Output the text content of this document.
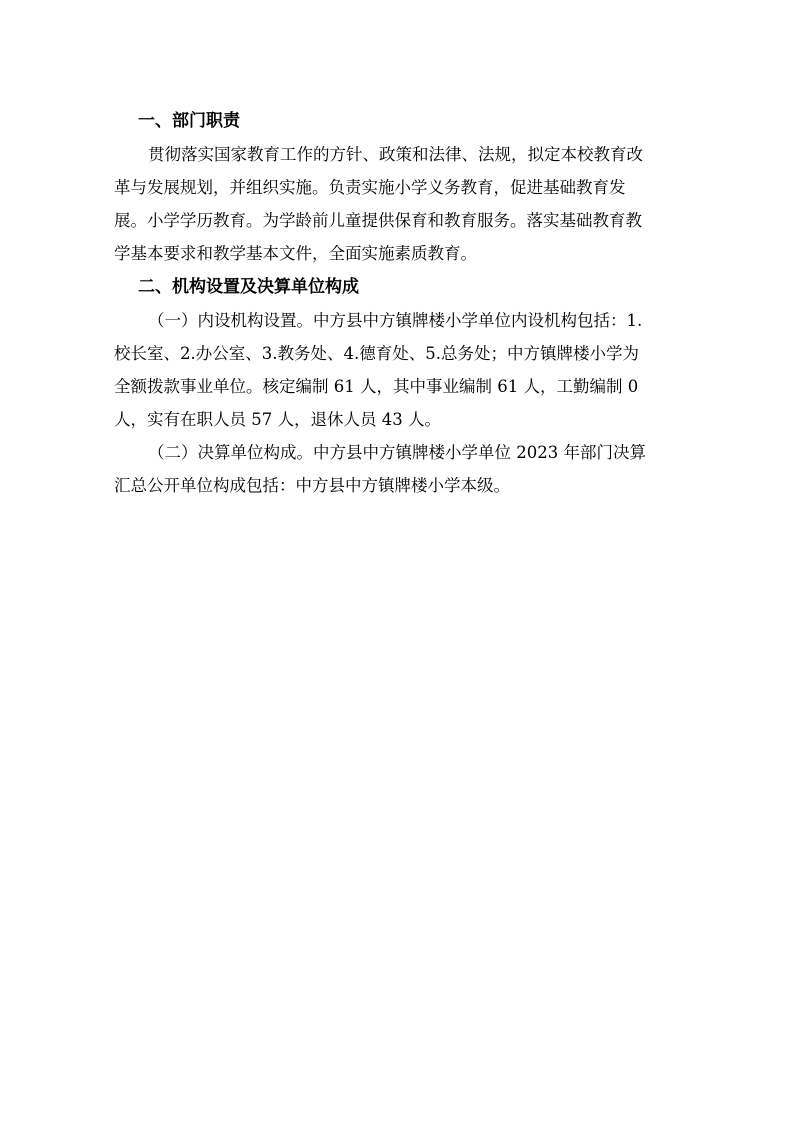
一、部门职责
贯彻落实国家教育工作的方针、政策和法律、法规，拟定本校教育改
革与发展规划，并组织实施。负责实施小学义务教育，促进基础教育发
展。小学学历教育。为学龄前儿童提供保育和教育服务。落实基础教育教
学基本要求和教学基本文件，全面实施素质教育。
二、机构设置及决算单位构成
（一）内设机构设置。中方县中方镇牌楼小学单位内设机构包括：1.
校长室、2.办公室、3.教务处、4.德育处、5.总务处；中方镇牌楼小学为
全额拨款事业单位。核定编制 61 人，其中事业编制 61 人，工勤编制 0
人，实有在职人员 57 人，退休人员 43 人。
（二）决算单位构成。中方县中方镇牌楼小学单位 2023 年部门决算
汇总公开单位构成包括：中方县中方镇牌楼小学本级。
